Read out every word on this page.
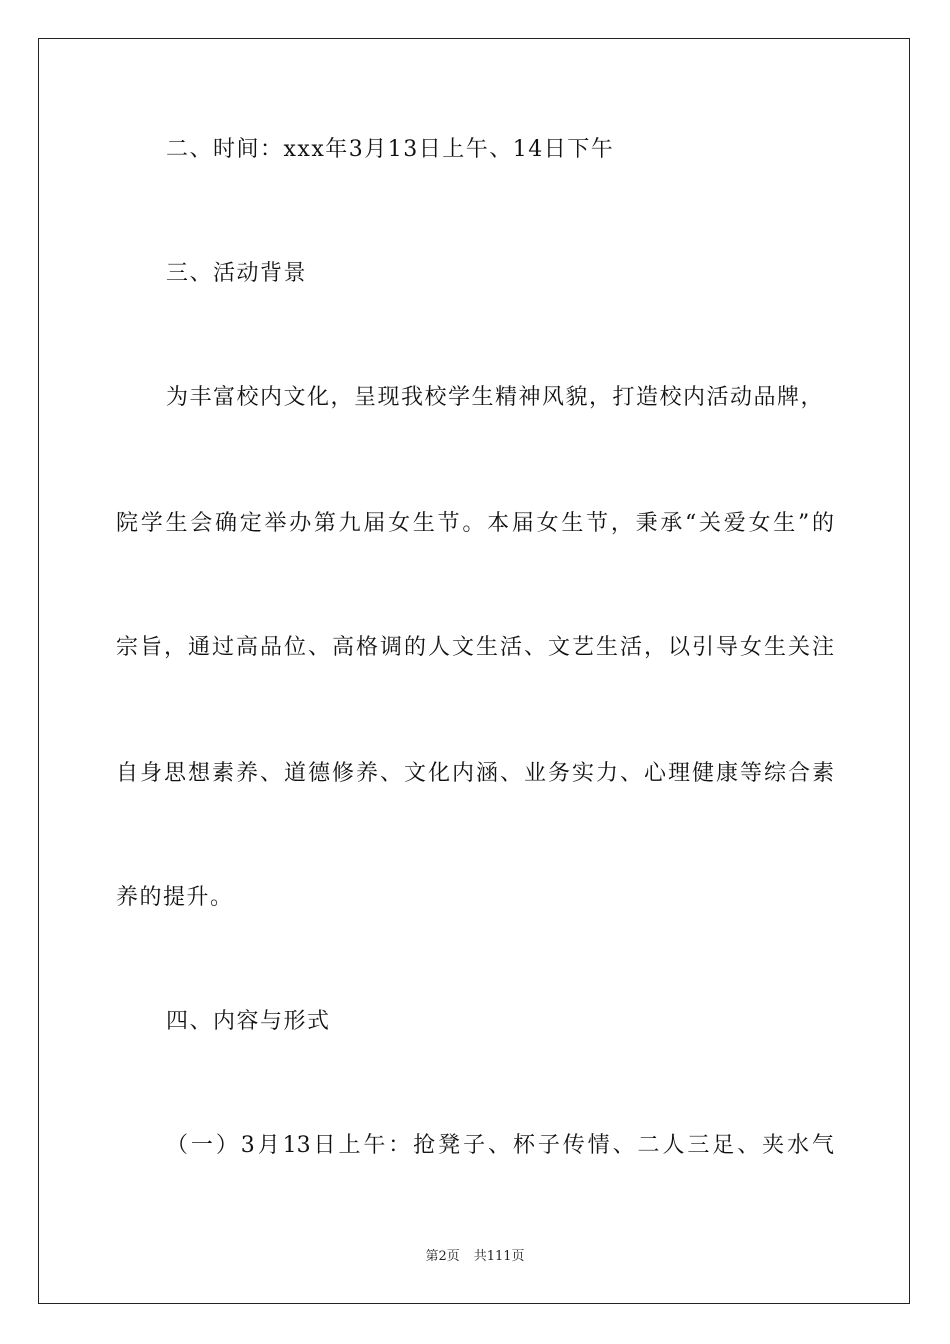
二、时间：xxx年3月13日上午、14日下午
三、活动背景
为丰富校内文化，呈现我校学生精神风貌，打造校内活动品牌，
院学生会确定举办第九届女生节。本届女生节，秉承“关爱女生”的
宗旨，通过高品位、高格调的人文生活、文艺生活，以引导女生关注
自身思想素养、道德修养、文化内涵、业务实力、心理健康等综合素
养的提升。
四、内容与形式
（一）3月13日上午：抢凳子、杯子传情、二人三足、夹水气
第2页 共111页
